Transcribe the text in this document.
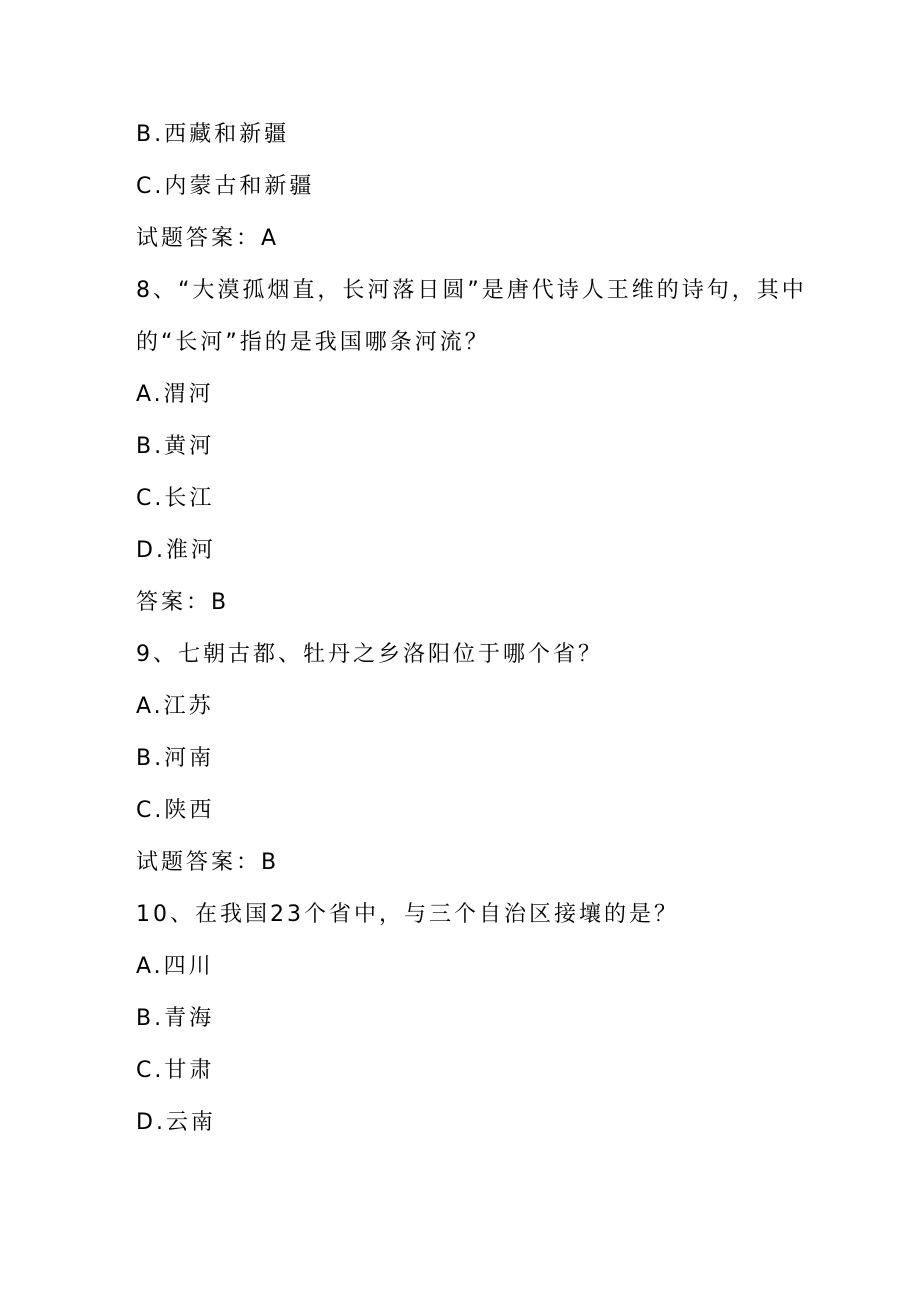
B.西藏和新疆
C.内蒙古和新疆
试题答案：A
8、“大漠孤烟直，长河落日圆”是唐代诗人王维的诗句，其中
的“长河”指的是我国哪条河流？
A.渭河
B.黄河
C.长江
D.淮河
答案：B
9、七朝古都、牡丹之乡洛阳位于哪个省？
A.江苏
B.河南
C.陕西
试题答案：B
10、在我国23个省中，与三个自治区接壤的是？
A.四川
B.青海
C.甘肃
D.云南
